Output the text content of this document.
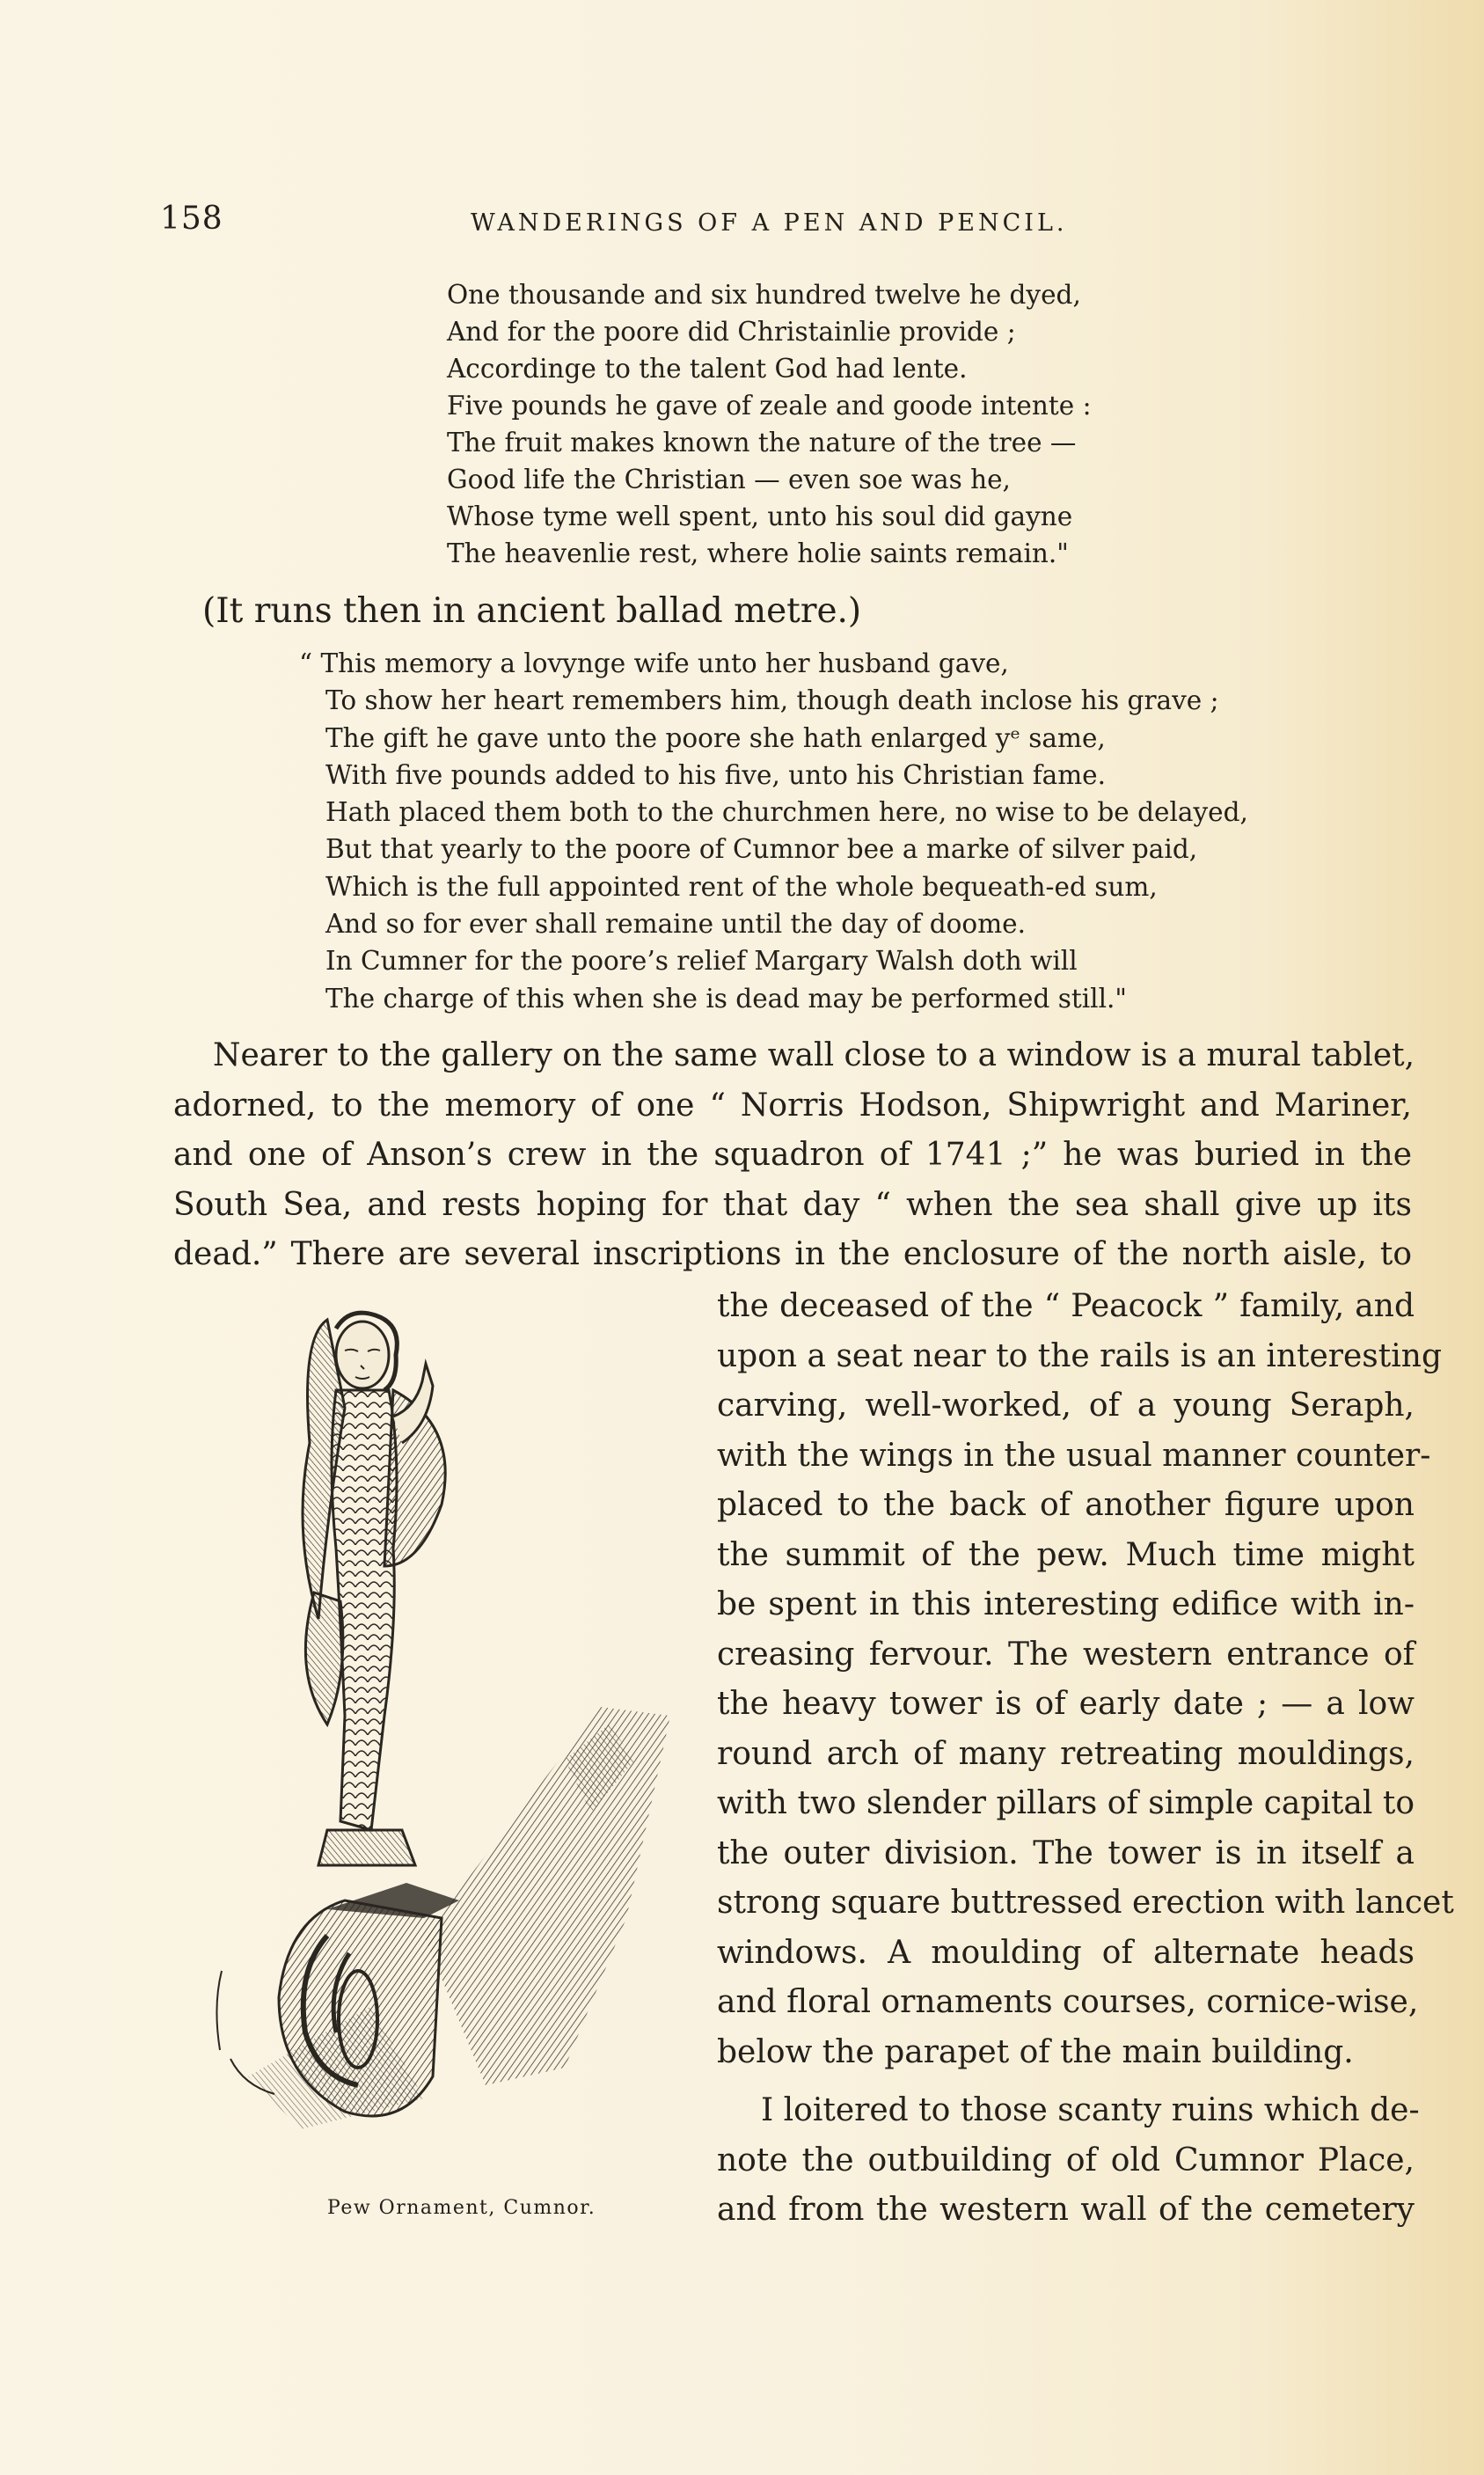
158	WANDERINGS OF A PEN AND PENCIL.
One thousande and six hundred twelve he dyed,
And for the poore did Christainlie provide ;
Accordinge to the talent God had lente.
Five pounds he gave of zeale and goode intente :
The fruit makes known the nature of the tree —
Good life the Christian — even soe was he,
Whose tyme well spent, unto his soul did gayne
The heavenlie rest, where holie saints remain."
(It runs then in ancient ballad metre.)
“ This memory a lovynge wife unto her husband gave,
To show her heart remembers him, though death inclose his grave ;
The gift he gave unto the poore she hath enlarged yᵉ same,
With five pounds added to his five, unto his Christian fame.
Hath placed them both to the churchmen here, no wise to be delayed,
But that yearly to the poore of Cumnor bee a marke of silver paid,
Which is the full appointed rent of the whole bequeath-ed sum,
And so for ever shall remaine until the day of doome.
In Cumner for the poore’s relief Margary Walsh doth will
The charge of this when she is dead may be performed still."
Nearer to the gallery on the same wall close to a window is a mural tablet,
adorned, to the memory of one “ Norris Hodson, Shipwright and Mariner,
and one of Anson’s crew in the squadron of 1741 ;” he was buried in the
South Sea, and rests hoping for that day “ when the sea shall give up its
dead.” There are several inscriptions in the enclosure of the north aisle, to
the deceased of the “ Peacock ” family, and
upon a seat near to the rails is an interesting
carving, well-worked, of a young Seraph,
with the wings in the usual manner counter-
placed to the back of another figure upon
the summit of the pew. Much time might
be spent in this interesting edifice with in-
creasing fervour. The western entrance of
the heavy tower is of early date ; — a low
round arch of many retreating mouldings,
with two slender pillars of simple capital to
the outer division. The tower is in itself a
strong square buttressed erection with lancet
windows. A moulding of alternate heads
and floral ornaments courses, cornice-wise,
below the parapet of the main building.
I loitered to those scanty ruins which de-
note the outbuilding of old Cumnor Place,
and from the western wall of the cemetery
Pew Ornament, Cumnor.
